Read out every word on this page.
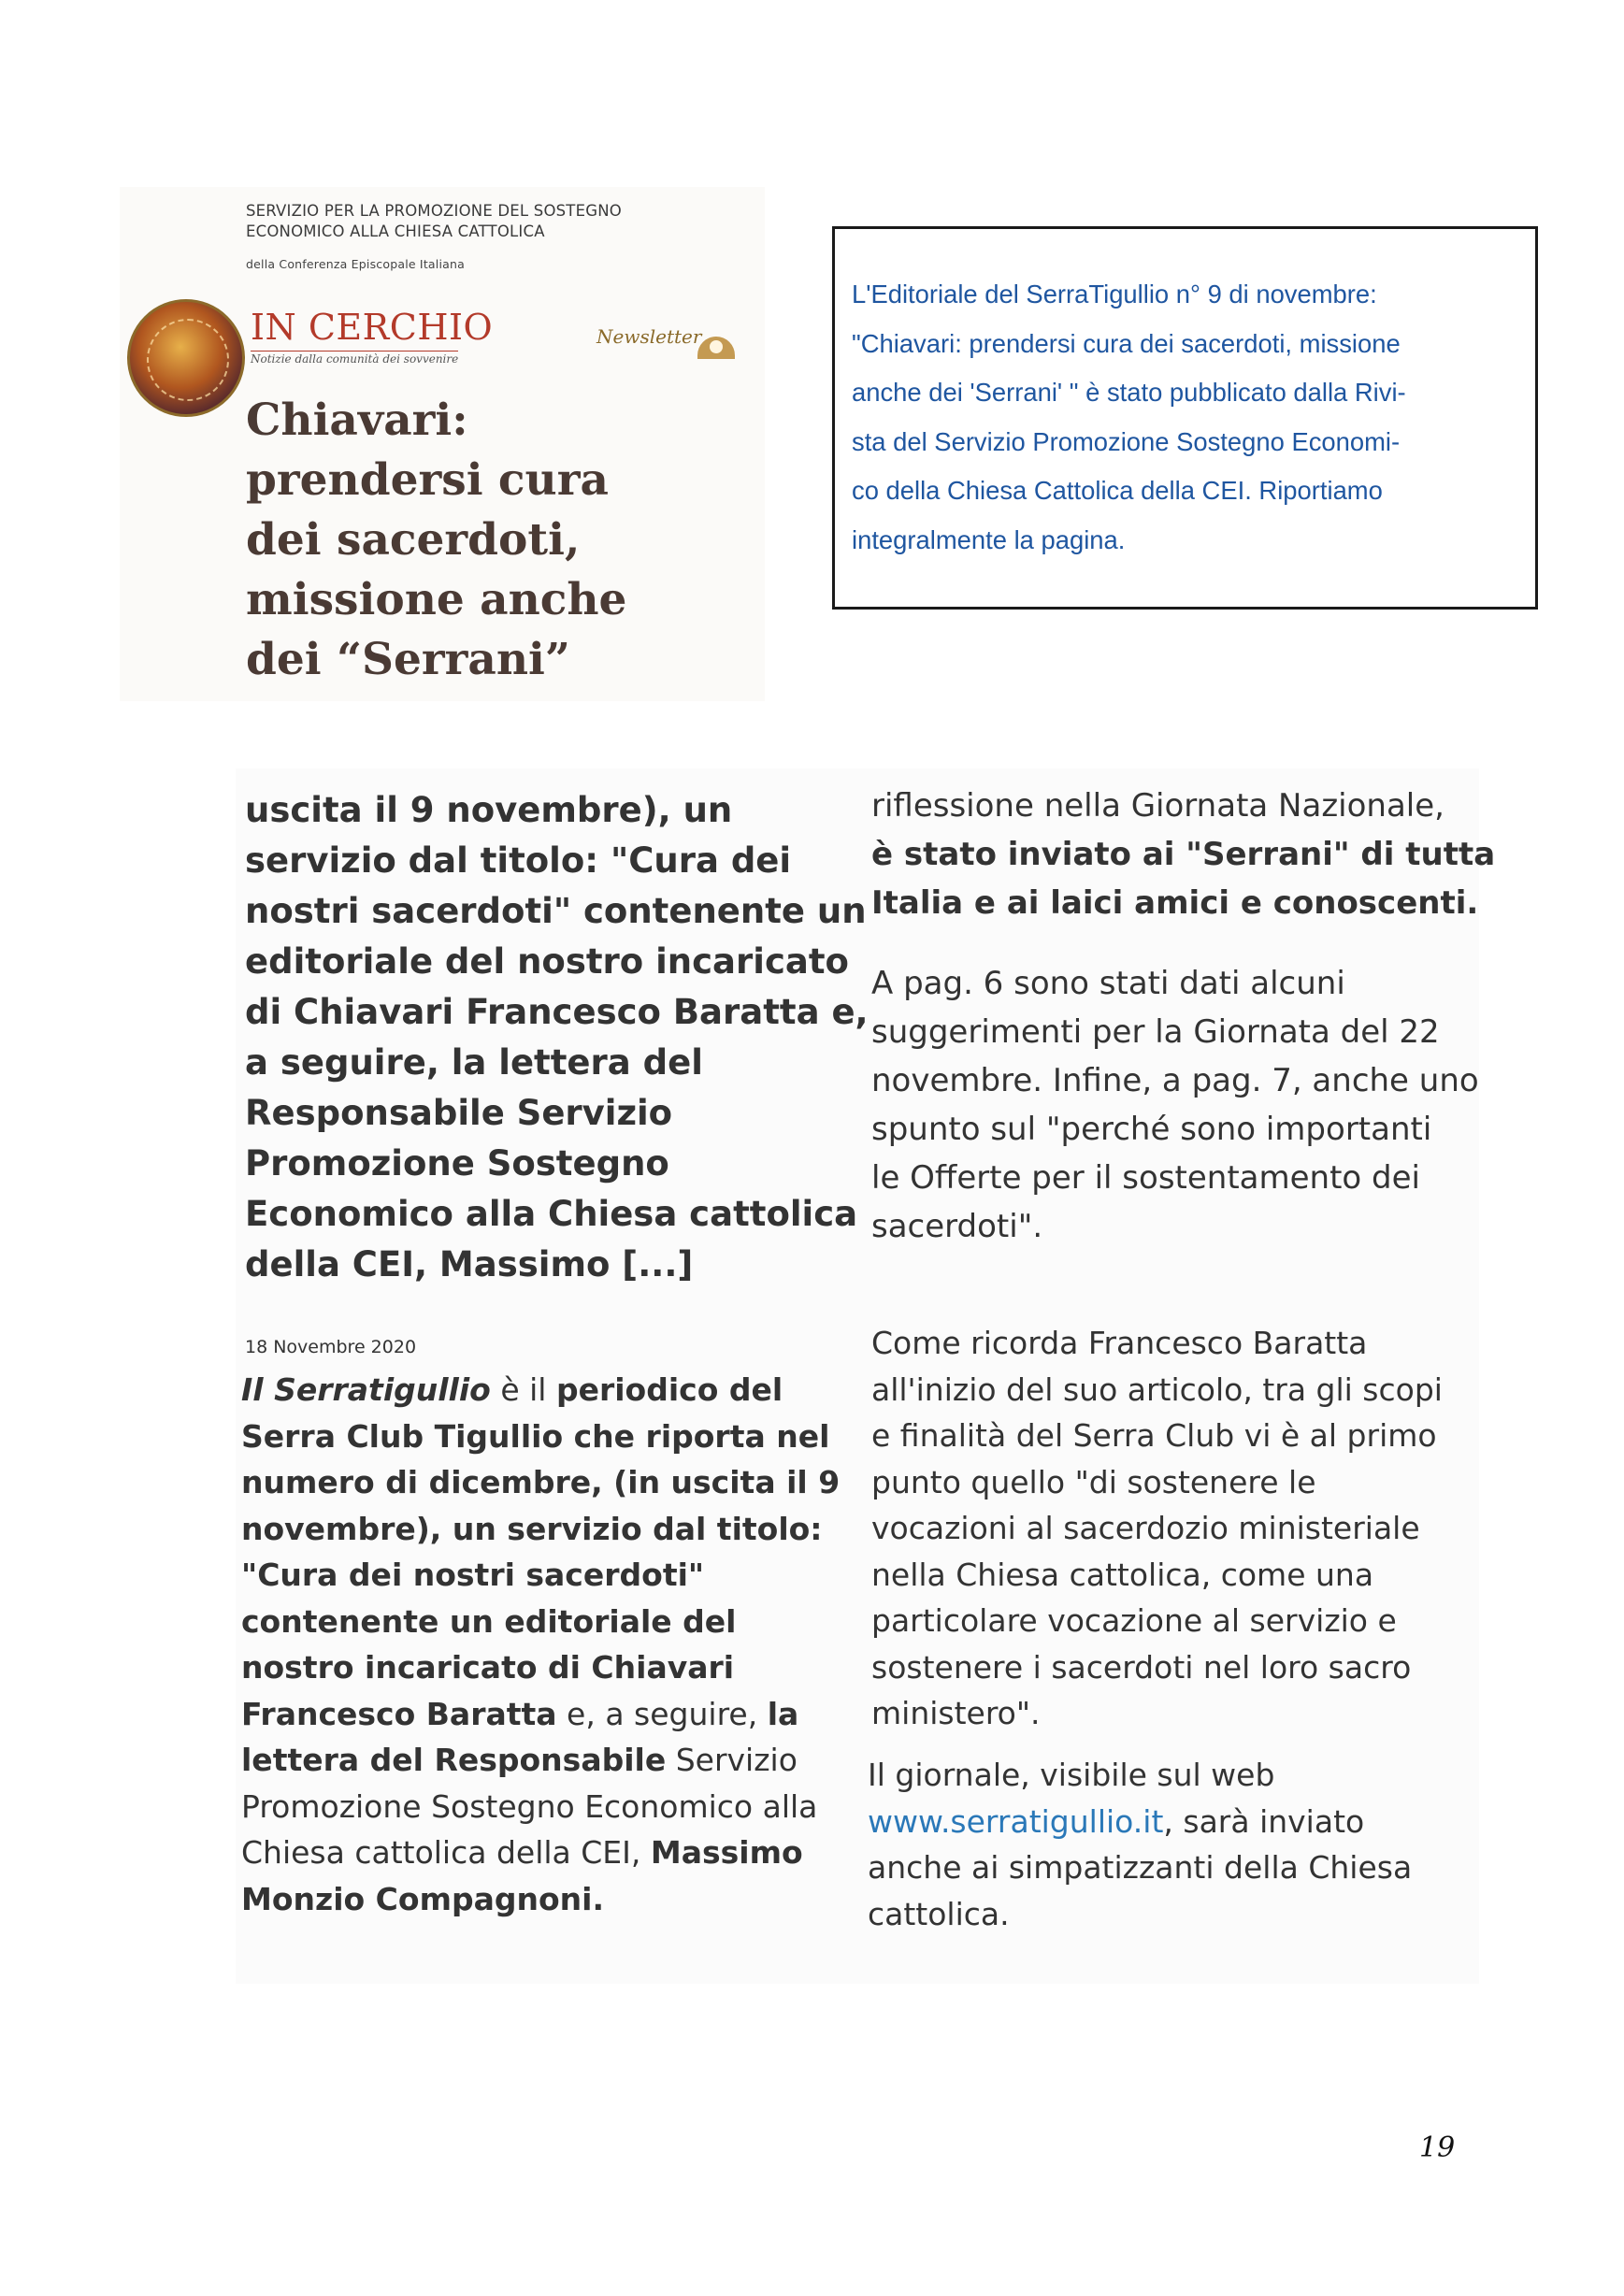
SERVIZIO PER LA PROMOZIONE DEL SOSTEGNO
ECONOMICO ALLA CHIESA CATTOLICA
della Conferenza Episcopale Italiana
IN CERCHIO
Notizie dalla comunità dei sovvenire
Newsletter
Chiavari:
prendersi cura
dei sacerdoti,
missione anche
dei “Serrani”
L'Editoriale del SerraTigullio n° 9 di novembre:
"Chiavari: prendersi cura dei sacerdoti, missione
anche dei 'Serrani' " è stato pubblicato dalla Rivi-
sta del Servizio Promozione Sostegno Economi-
co della Chiesa Cattolica della CEI. Riportiamo
integralmente la pagina.
uscita il 9 novembre), un
servizio dal titolo: "Cura dei
nostri sacerdoti" contenente un
editoriale del nostro incaricato
di Chiavari Francesco Baratta e,
a seguire, la lettera del
Responsabile Servizio
Promozione Sostegno
Economico alla Chiesa cattolica
della CEI, Massimo [...]
riflessione nella Giornata Nazionale,
è stato inviato ai "Serrani" di tutta
Italia e ai laici amici e conoscenti.
A pag. 6 sono stati dati alcuni
suggerimenti per la Giornata del 22
novembre. Infine, a pag. 7, anche uno
spunto sul "perché sono importanti
le Offerte per il sostentamento dei
sacerdoti".
18 Novembre 2020
Il Serratigullio è il periodico del
Serra Club Tigullio che riporta nel
numero di dicembre, (in uscita il 9
novembre), un servizio dal titolo:
"Cura dei nostri sacerdoti"
contenente un editoriale del
nostro incaricato di Chiavari
Francesco Baratta e, a seguire, la
lettera del Responsabile Servizio
Promozione Sostegno Economico alla
Chiesa cattolica della CEI, Massimo
Monzio Compagnoni.
Come ricorda Francesco Baratta
all'inizio del suo articolo, tra gli scopi
e finalità del Serra Club vi è al primo
punto quello "di sostenere le
vocazioni al sacerdozio ministeriale
nella Chiesa cattolica, come una
particolare vocazione al servizio e
sostenere i sacerdoti nel loro sacro
ministero".
Il giornale, visibile sul web
www.serratigullio.it, sarà inviato
anche ai simpatizzanti della Chiesa
cattolica.
19
